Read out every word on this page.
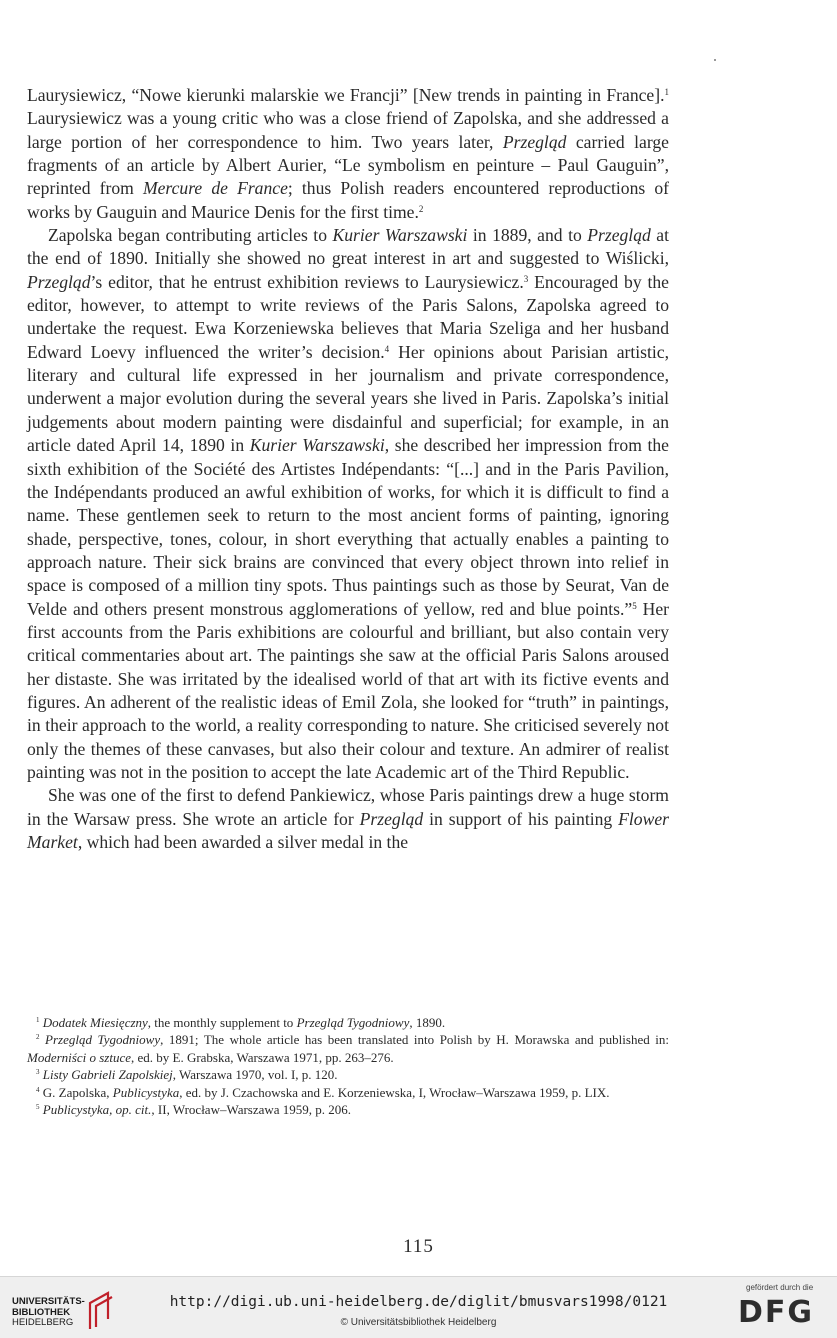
Laurysiewicz, “Nowe kierunki malarskie we Francji” [New trends in painting in France].$^1$ Laurysiewicz was a young critic who was a close friend of Zapolska, and she addressed a large portion of her correspondence to him. Two years later, Przegląd carried large fragments of an article by Albert Aurier, “Le symbolism en peinture – Paul Gauguin”, reprinted from Mercure de France; thus Polish readers encountered reproductions of works by Gauguin and Maurice Denis for the first time.$^2$

Zapolska began contributing articles to Kurier Warszawski in 1889, and to Przegląd at the end of 1890. Initially she showed no great interest in art and suggested to Wiślicki, Przegląd’s editor, that he entrust exhibition reviews to Laurysiewicz.$^3$ Encouraged by the editor, however, to attempt to write reviews of the Paris Salons, Zapolska agreed to undertake the request. Ewa Korzeniewska believes that Maria Szeliga and her husband Edward Loevy influenced the writer’s decision.$^4$ Her opinions about Parisian artistic, literary and cultural life expressed in her journalism and private correspondence, underwent a major evolution during the several years she lived in Paris. Zapolska’s initial judgements about modern painting were disdainful and superficial; for example, in an article dated April 14, 1890 in Kurier Warszawski, she described her impression from the sixth exhibition of the Société des Artistes Indépendants: “[...] and in the Paris Pavilion, the Indépendants produced an awful exhibition of works, for which it is difficult to find a name. These gentlemen seek to return to the most ancient forms of painting, ignoring shade, perspective, tones, colour, in short everything that actually enables a painting to approach nature. Their sick brains are convinced that every object thrown into relief in space is composed of a million tiny spots. Thus paintings such as those by Seurat, Van de Velde and others present monstrous agglomerations of yellow, red and blue points.”$^5$ Her first accounts from the Paris exhibitions are colourful and brilliant, but also contain very critical commentaries about art. The paintings she saw at the official Paris Salons aroused her distaste. She was irritated by the idealised world of that art with its fictive events and figures. An adherent of the realistic ideas of Emil Zola, she looked for “truth” in paintings, in their approach to the world, a reality corresponding to nature. She criticised severely not only the themes of these canvases, but also their colour and texture. An admirer of realist painting was not in the position to accept the late Academic art of the Third Republic.

She was one of the first to defend Pankiewicz, whose Paris paintings drew a huge storm in the Warsaw press. She wrote an article for Przegląd in support of his painting Flower Market, which had been awarded a silver medal in the

$^1$ Dodatek Miesięczny, the monthly supplement to Przegląd Tygodniowy, 1890.

$^2$ Przegląd Tygodniowy, 1891; The whole article has been translated into Polish by H. Morawska and published in: Moderniści o sztuce, ed. by E. Grabska, Warszawa 1971, pp. 263–276.

$^3$ Listy Gabrieli Zapolskiej, Warszawa 1970, vol. I, p. 120.

$^4$ G. Zapolska, Publicystyka, ed. by J. Czachowska and E. Korzeniewska, I, Wrocław–Warszawa 1959, p. LIX.

$^5$ Publicystyka, op. cit., II, Wrocław–Warszawa 1959, p. 206.

115
UNIVERSITÄTS-
BIBLIOTHEK
HEIDELBERG
http://digi.ub.uni-heidelberg.de/diglit/bmusvars1998/0121
© Universitätsbibliothek Heidelberg
gefördert durch die
DFG
